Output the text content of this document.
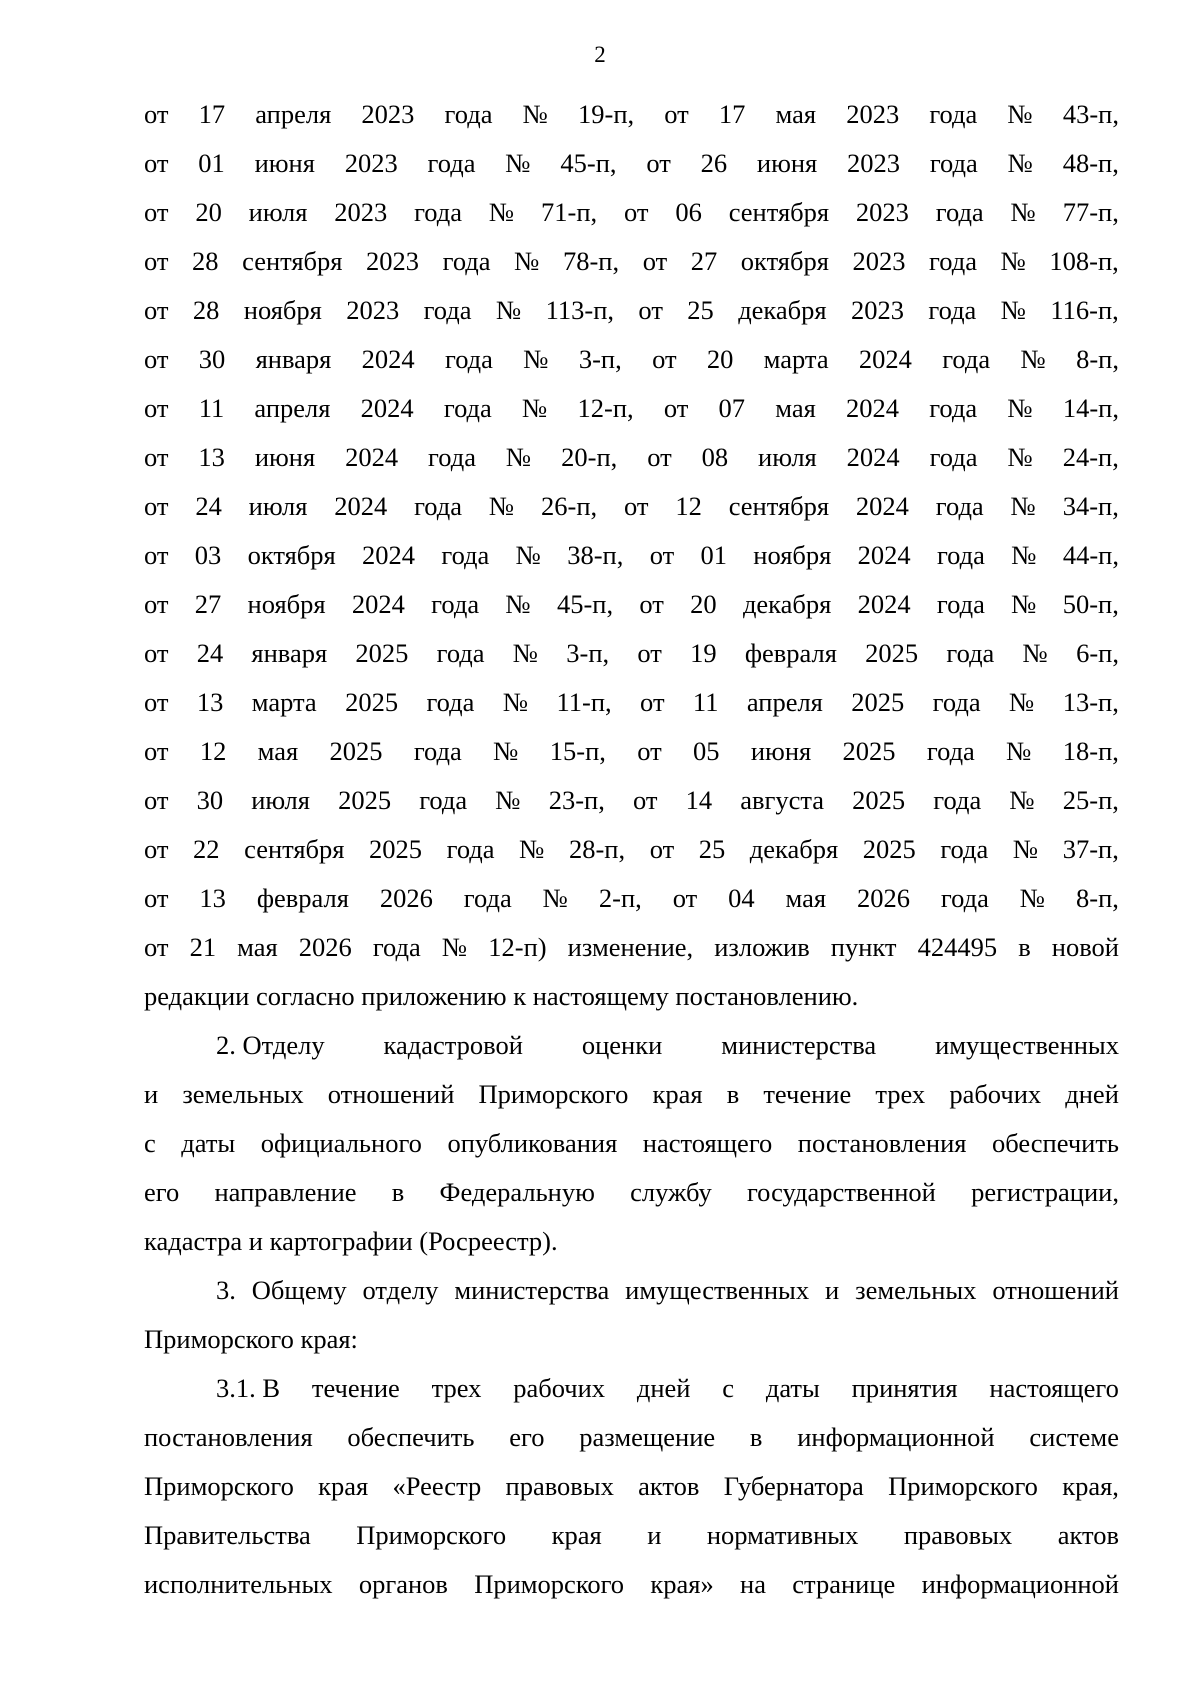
2
от 17 апреля 2023 года № 19-п, от 17 мая 2023 года № 43-п,
от 01 июня 2023 года № 45-п, от 26 июня 2023 года № 48-п,
от 20 июля 2023 года № 71-п, от 06 сентября 2023 года № 77-п,
от 28 сентября 2023 года № 78-п, от 27 октября 2023 года № 108-п,
от 28 ноября 2023 года № 113-п, от 25 декабря 2023 года № 116-п,
от 30 января 2024 года № 3-п, от 20 марта 2024 года № 8-п,
от 11 апреля 2024 года № 12-п, от 07 мая 2024 года № 14-п,
от 13 июня 2024 года № 20-п, от 08 июля 2024 года № 24-п,
от 24 июля 2024 года № 26-п, от 12 сентября 2024 года № 34-п,
от 03 октября 2024 года № 38-п, от 01 ноября 2024 года № 44-п,
от 27 ноября 2024 года № 45-п, от 20 декабря 2024 года № 50-п,
от 24 января 2025 года № 3-п, от 19 февраля 2025 года № 6-п,
от 13 марта 2025 года № 11-п, от 11 апреля 2025 года № 13-п,
от 12 мая 2025 года № 15-п, от 05 июня 2025 года № 18-п,
от 30 июля 2025 года № 23-п, от 14 августа 2025 года № 25-п,
от 22 сентября 2025 года № 28-п, от 25 декабря 2025 года № 37-п,
от 13 февраля 2026 года № 2-п, от 04 мая 2026 года № 8-п,
от 21 мая 2026 года № 12-п) изменение, изложив пункт 424495 в новой
редакции согласно приложению к настоящему постановлению.
2. Отделу кадастровой оценки министерства имущественных
и земельных отношений Приморского края в течение трех рабочих дней
с даты официального опубликования настоящего постановления обеспечить
его направление в Федеральную службу государственной регистрации,
кадастра и картографии (Росреестр).
3. Общему отделу министерства имущественных и земельных отношений
Приморского края:
3.1. В течение трех рабочих дней с даты принятия настоящего
постановления обеспечить его размещение в информационной системе
Приморского края «Реестр правовых актов Губернатора Приморского края,
Правительства Приморского края и нормативных правовых актов
исполнительных органов Приморского края» на странице информационной
